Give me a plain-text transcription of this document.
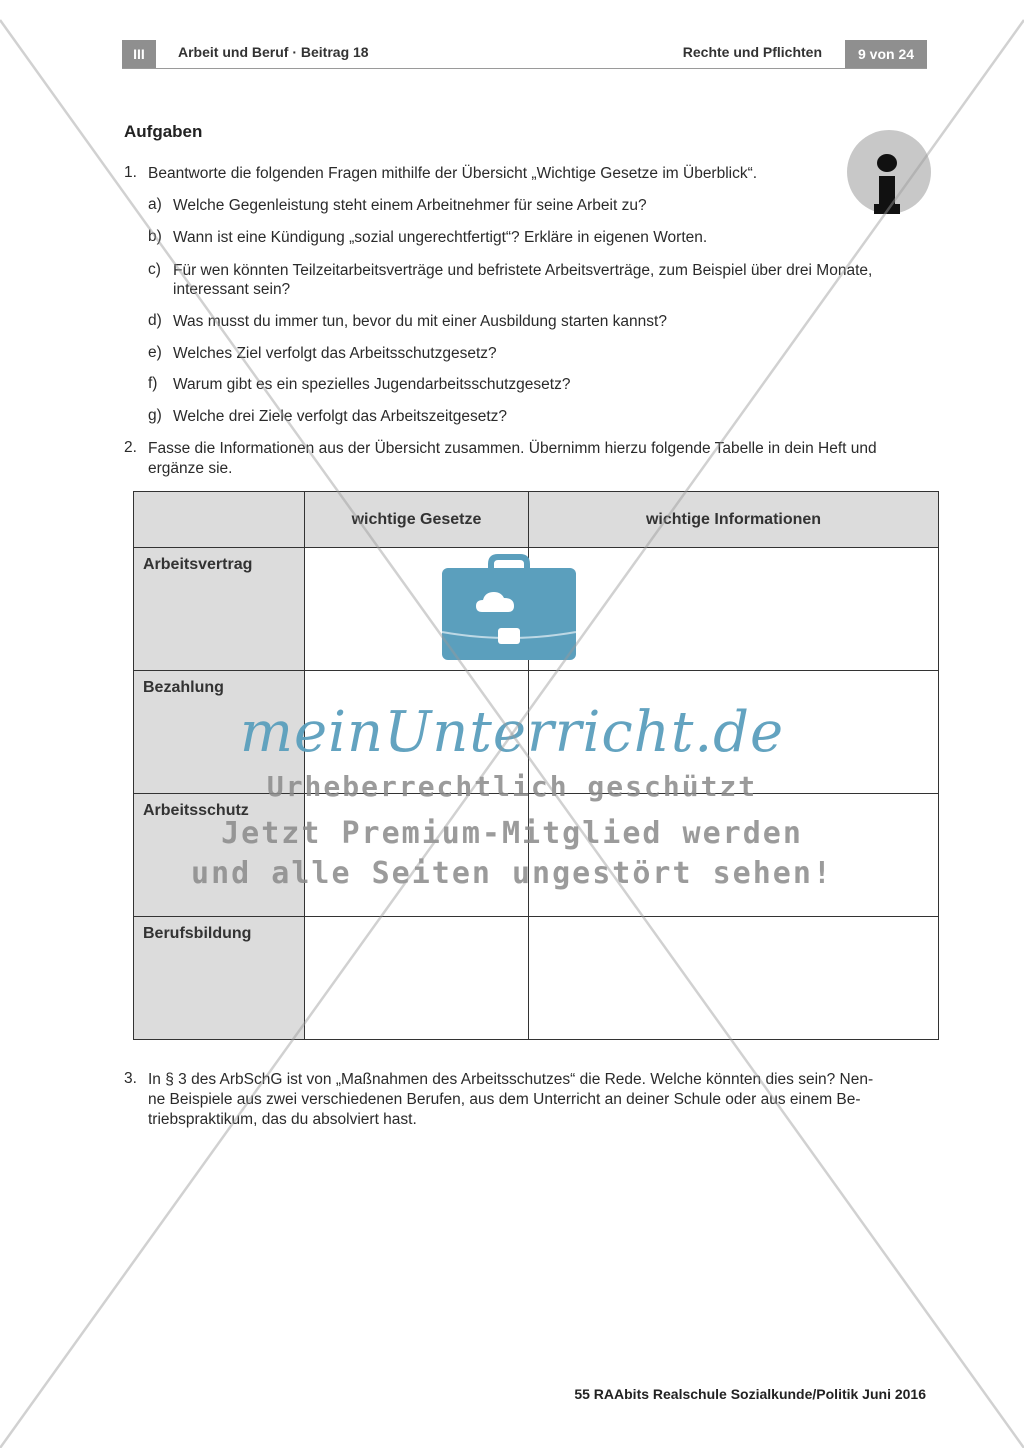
III Arbeit und Beruf · Beitrag 18	Rechte und Pflichten	9 von 24
Aufgaben
1. Beantworte die folgenden Fragen mithilfe der Übersicht „Wichtige Gesetze im Überblick“.
a) Welche Gegenleistung steht einem Arbeitnehmer für seine Arbeit zu?
b) Wann ist eine Kündigung „sozial ungerechtfertigt“? Erkläre in eigenen Worten.
c) Für wen könnten Teilzeitarbeitsverträge und befristete Arbeitsverträge, zum Beispiel über drei Monate,
interessant sein?
d) Was musst du immer tun, bevor du mit einer Ausbildung starten kannst?
e) Welches Ziel verfolgt das Arbeitsschutzgesetz?
f) Warum gibt es ein spezielles Jugendarbeitsschutzgesetz?
g) Welche drei Ziele verfolgt das Arbeitszeitgesetz?
2. Fasse die Informationen aus der Übersicht zusammen. Übernimm hierzu folgende Tabelle in dein Heft und
ergänze sie.
	wichtige Gesetze	wichtige Informationen
Arbeitsvertrag		
Bezahlung		
Arbeitsschutz		
Berufsbildung		
3. In § 3 des ArbSchG ist von „Maßnahmen des Arbeitsschutzes“ die Rede. Welche könnten dies sein? Nen-
ne Beispiele aus zwei verschiedenen Berufen, aus dem Unterricht an deiner Schule oder aus einem Be-
triebspraktikum, das du absolviert hast.
meinUnterricht.de
Urheberrechtlich geschützt
Jetzt Premium-Mitglied werden
und alle Seiten ungestört sehen!
55 RAAbits Realschule Sozialkunde/Politik Juni 2016
